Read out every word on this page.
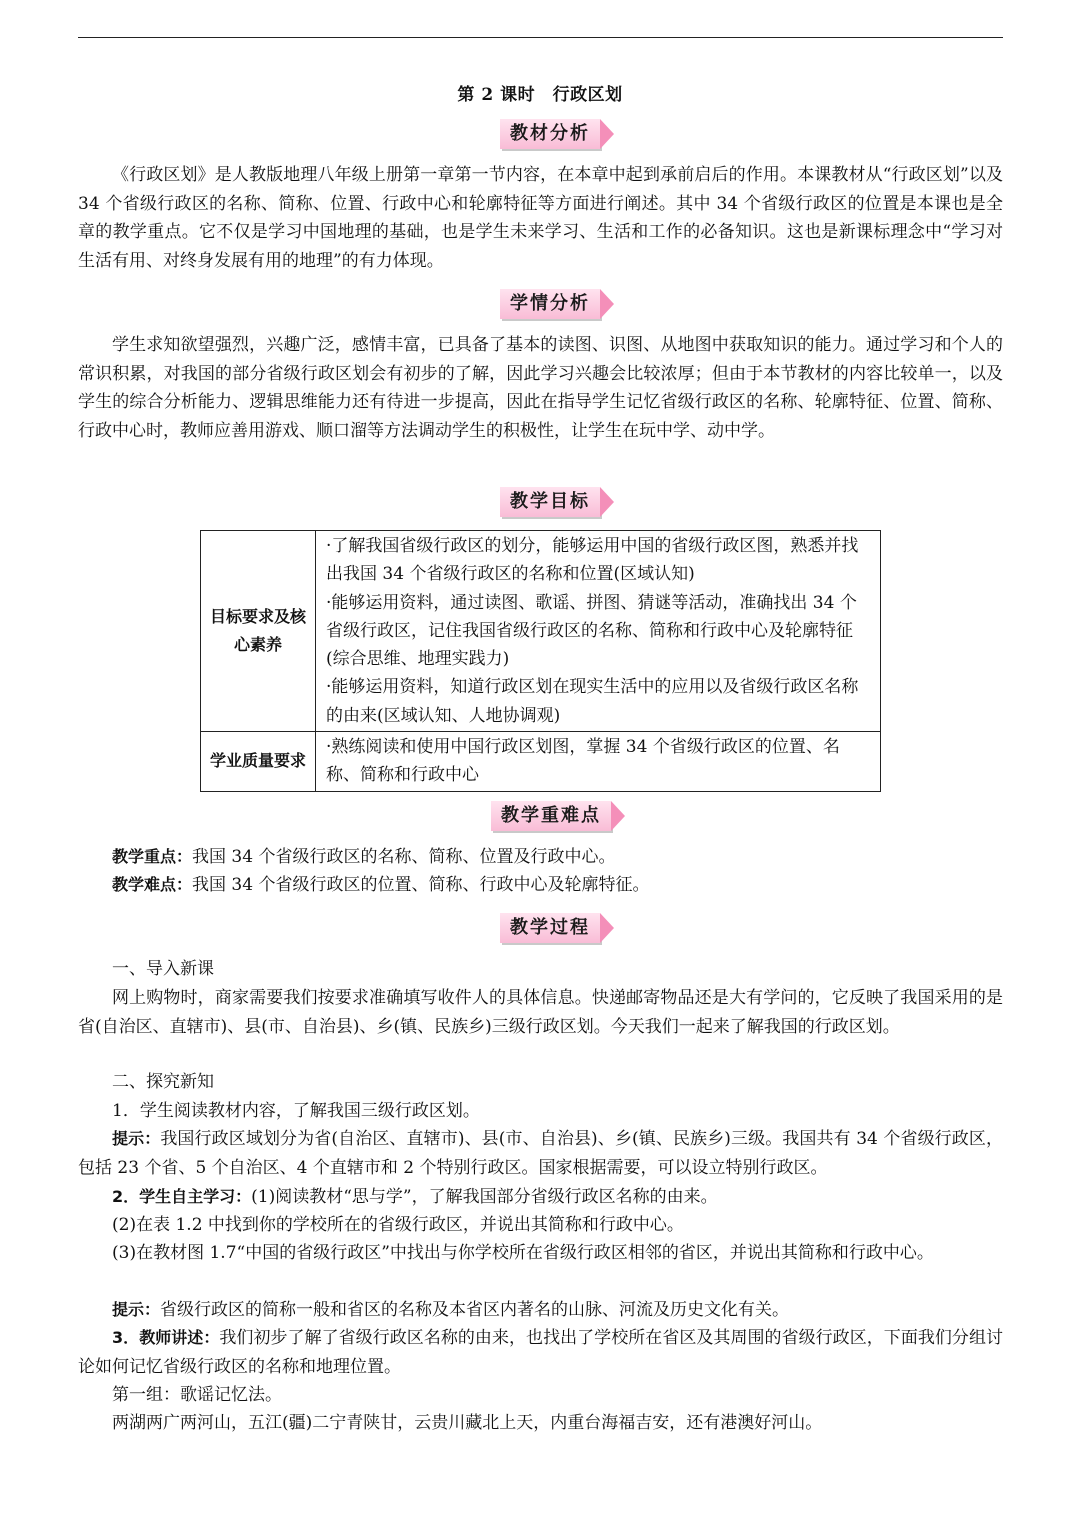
第 2 课时　行政区划
教材分析

《行政区划》是人教版地理八年级上册第一章第一节内容，在本章中起到承前启后的作用。本课教材从“行政区划”以及 34 个省级行政区的名称、简称、位置、行政中心和轮廓特征等方面进行阐述。其中 34 个省级行政区的位置是本课也是全章的教学重点。它不仅是学习中国地理的基础，也是学生未来学习、生活和工作的必备知识。这也是新课标理念中“学习对生活有用、对终身发展有用的地理”的有力体现。

学情分析

学生求知欲望强烈，兴趣广泛，感情丰富，已具备了基本的读图、识图、从地图中获取知识的能力。通过学习和个人的常识积累，对我国的部分省级行政区划会有初步的了解，因此学习兴趣会比较浓厚；但由于本节教材的内容比较单一，以及学生的综合分析能力、逻辑思维能力还有待进一步提高，因此在指导学生记忆省级行政区的名称、轮廓特征、位置、简称、行政中心时，教师应善用游戏、顺口溜等方法调动学生的积极性，让学生在玩中学、动中学。

教学目标
目标要求及核心素养	·了解我国省级行政区的划分，能够运用中国的省级行政区图，熟悉并找出我国 34 个省级行政区的名称和位置(区域认知)
·能够运用资料，通过读图、歌谣、拼图、猜谜等活动，准确找出 34 个省级行政区，记住我国省级行政区的名称、简称和行政中心及轮廓特征(综合思维、地理实践力)
·能够运用资料，知道行政区划在现实生活中的应用以及省级行政区名称的由来(区域认知、人地协调观)

学业质量要求	·熟练阅读和使用中国行政区划图，掌握 34 个省级行政区的位置、名称、简称和行政中心
教学重难点

教学重点：我国 34 个省级行政区的名称、简称、位置及行政中心。

教学难点：我国 34 个省级行政区的位置、简称、行政中心及轮廓特征。

教学过程

一、导入新课

网上购物时，商家需要我们按要求准确填写收件人的具体信息。快递邮寄物品还是大有学问的，它反映了我国采用的是省(自治区、直辖市)、县(市、自治县)、乡(镇、民族乡)三级行政区划。今天我们一起来了解我国的行政区划。

二、探究新知

1．学生阅读教材内容，了解我国三级行政区划。

提示：我国行政区域划分为省(自治区、直辖市)、县(市、自治县)、乡(镇、民族乡)三级。我国共有 34 个省级行政区，包括 23 个省、5 个自治区、4 个直辖市和 2 个特别行政区。国家根据需要，可以设立特别行政区。

2．学生自主学习：(1)阅读教材“思与学”，了解我国部分省级行政区名称的由来。

(2)在表 1.2 中找到你的学校所在的省级行政区，并说出其简称和行政中心。

(3)在教材图 1.7“中国的省级行政区”中找出与你学校所在省级行政区相邻的省区，并说出其简称和行政中心。

提示：省级行政区的简称一般和省区的名称及本省区内著名的山脉、河流及历史文化有关。

3．教师讲述：我们初步了解了省级行政区名称的由来，也找出了学校所在省区及其周围的省级行政区，下面我们分组讨论如何记忆省级行政区的名称和地理位置。

第一组：歌谣记忆法。

两湖两广两河山，五江(疆)二宁青陕甘，云贵川藏北上天，内重台海福吉安，还有港澳好河山。
